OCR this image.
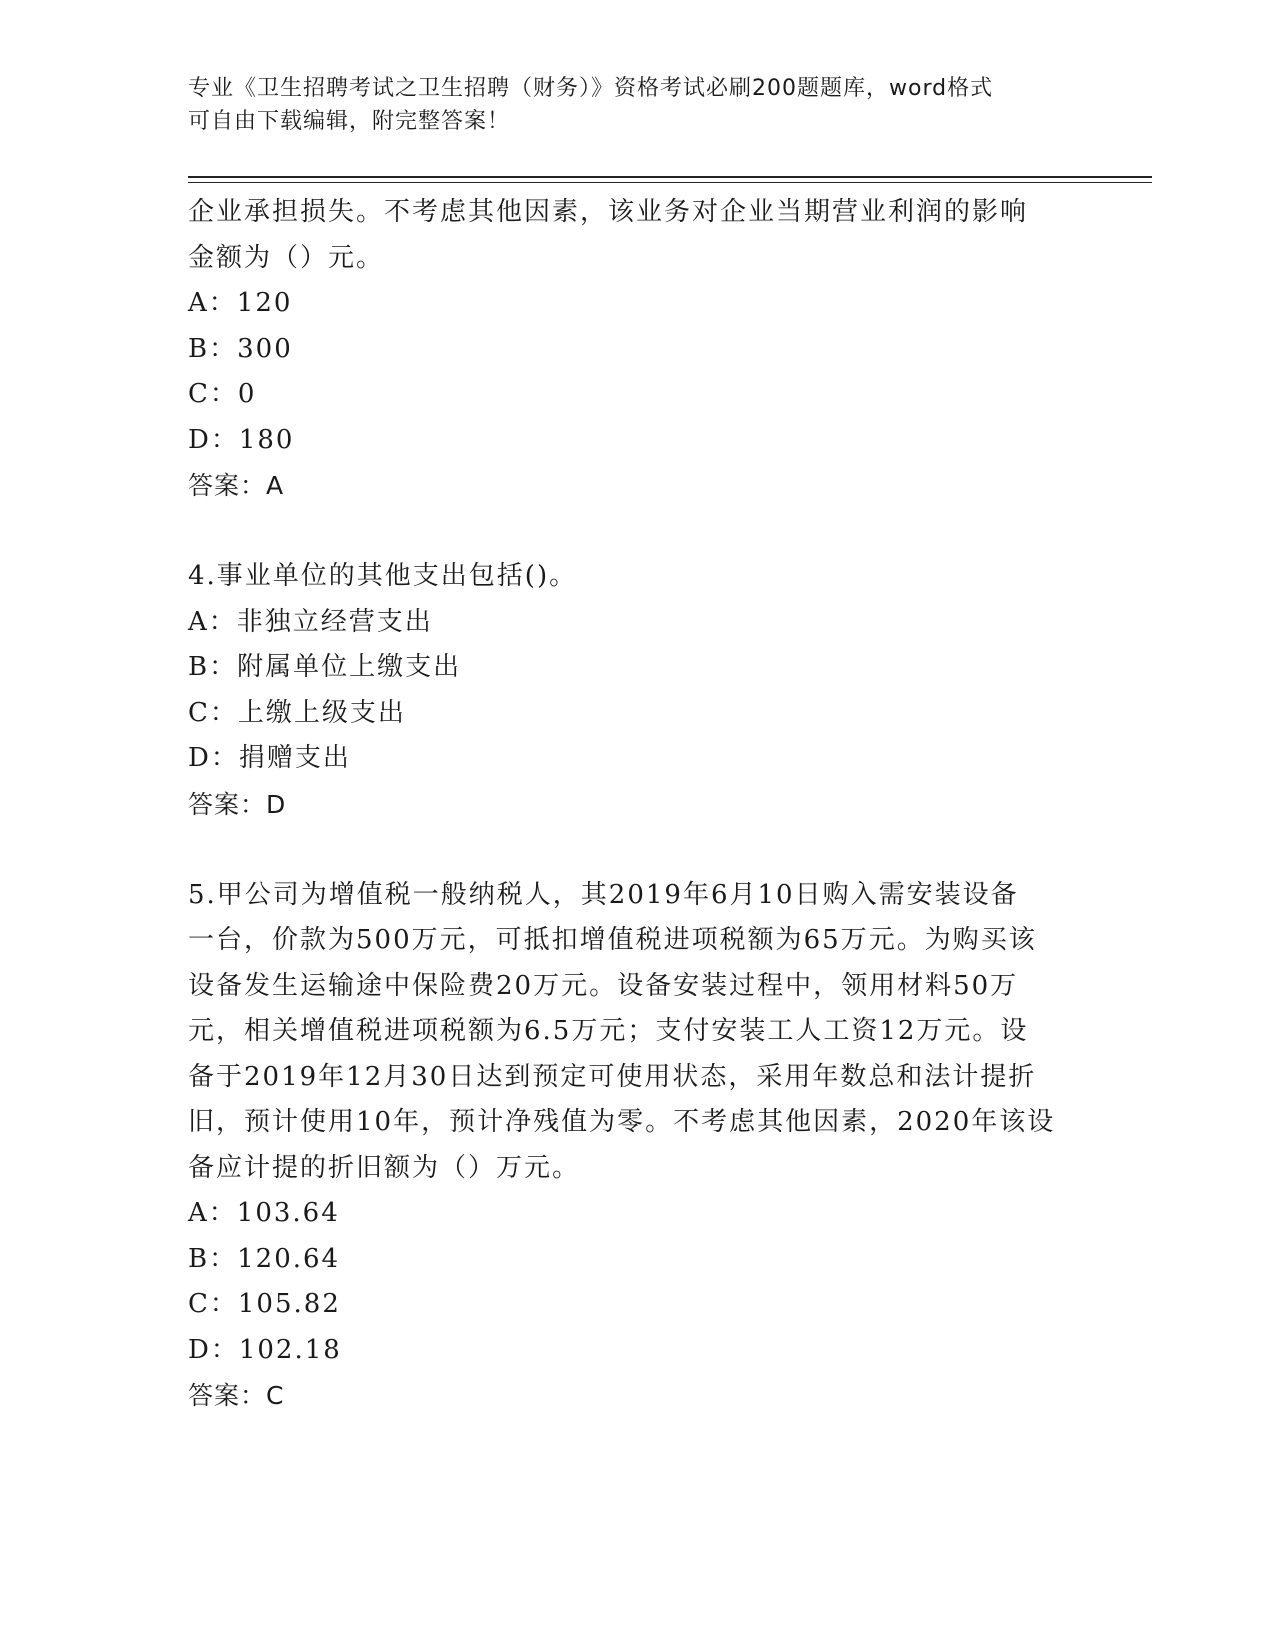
专业《卫生招聘考试之卫生招聘（财务）》资格考试必刷200题题库，word格式
可自由下载编辑，附完整答案！
企业承担损失。不考虑其他因素，该业务对企业当期营业利润的影响
金额为（）元。
A：120
B：300
C：0
D：180
答案：A
4.事业单位的其他支出包括()。
A：非独立经营支出
B：附属单位上缴支出
C：上缴上级支出
D：捐赠支出
答案：D
5.甲公司为增值税一般纳税人，其2019年6月10日购入需安装设备
一台，价款为500万元，可抵扣增值税进项税额为65万元。为购买该
设备发生运输途中保险费20万元。设备安装过程中，领用材料50万
元，相关增值税进项税额为6.5万元；支付安装工人工资12万元。设
备于2019年12月30日达到预定可使用状态，采用年数总和法计提折
旧，预计使用10年，预计净残值为零。不考虑其他因素，2020年该设
备应计提的折旧额为（）万元。
A：103.64
B：120.64
C：105.82
D：102.18
答案：C
